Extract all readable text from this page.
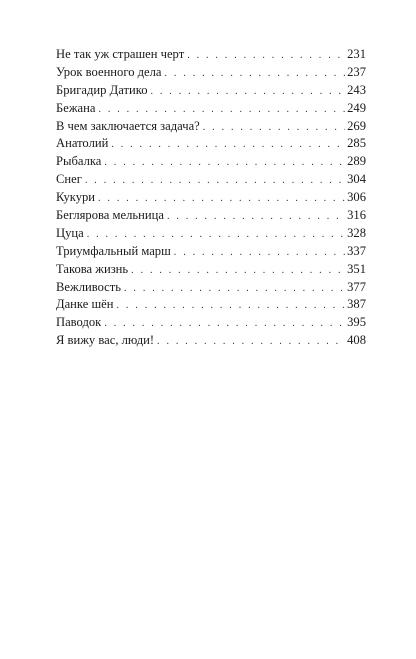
Не так уж страшен черт . . .	231
Урок военного дела . . .	237
Бригадир Датико . . .	243
Бежана . . .	249
В чем заключается задача? . . .	269
Анатолий . . .	285
Рыбалка . . .	289
Снег . . .	304
Кукури . . .	306
Беглярова мельница . . .	316
Цуца . . .	328
Триумфальный марш . . .	337
Такова жизнь . . .	351
Вежливость . . .	377
Данке шён . . .	387
Паводок . . .	395
Я вижу вас, люди! . . .	408
